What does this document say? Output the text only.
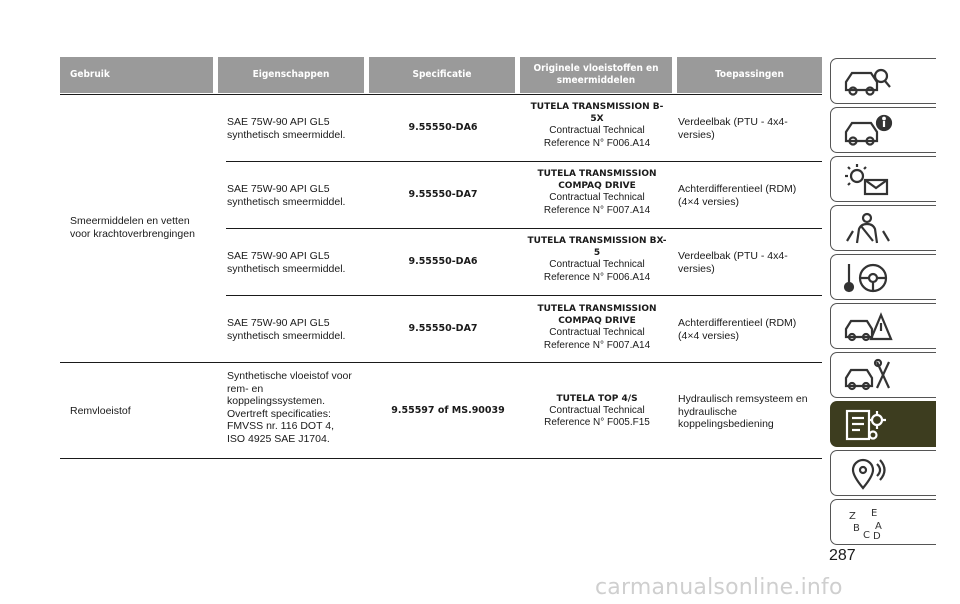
Gebruik	Eigenschappen	Specificatie
Originele vloeistoffen en smeermiddelen
Toepassingen
Smeermiddelen en vetten voor krachtoverbrengingen
SAE 75W-90 API GL5 synthetisch smeermiddel.
9.55550-DA6
TUTELA TRANSMISSION B-5X
Contractual Technical Reference N° F006.A14
Verdeelbak (PTU - 4x4-versies)
SAE 75W-90 API GL5 synthetisch smeermiddel.
9.55550-DA7
TUTELA TRANSMISSION COMPAQ DRIVE
Contractual Technical Reference N° F007.A14
Achterdifferentieel (RDM) (4×4 versies)
SAE 75W-90 API GL5 synthetisch smeermiddel.
9.55550-DA6
TUTELA TRANSMISSION BX-5
Contractual Technical Reference N° F006.A14
Verdeelbak (PTU - 4x4-versies)
SAE 75W-90 API GL5 synthetisch smeermiddel.
9.55550-DA7
TUTELA TRANSMISSION COMPAQ DRIVE
Contractual Technical Reference N° F007.A14
Achterdifferentieel (RDM) (4×4 versies)
Remvloeistof
Synthetische vloeistof voor rem- en koppelingssystemen. Overtreft specificaties: FMVSS nr. 116 DOT 4, ISO 4925 SAE J1704.
9.55597 of MS.90039
TUTELA TOP 4/S
Contractual Technical Reference N° F005.F15
Hydraulisch remsysteem en hydraulische koppelingsbediening
Z E
B A
C D
287
carmanualsonline.info
